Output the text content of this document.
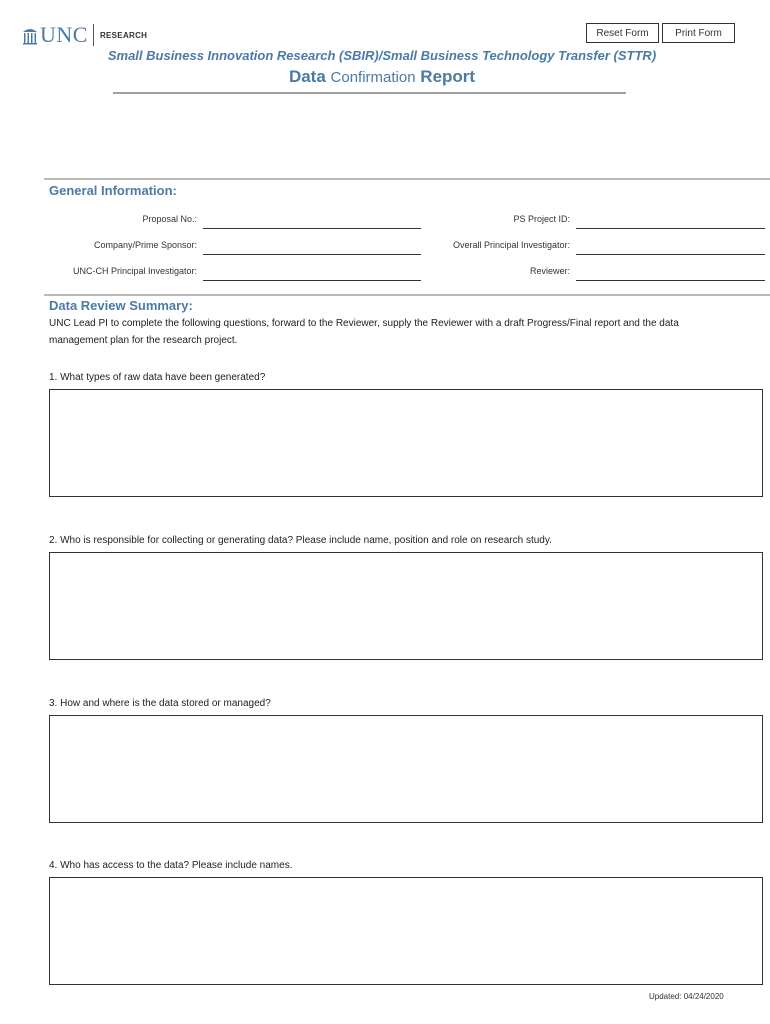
UNC RESEARCH	Reset Form	Print Form
Small Business Innovation Research (SBIR)/Small Business Technology Transfer (STTR)
Data Confirmation Report
General Information:
Proposal No.:	PS Project ID:
Company/Prime Sponsor:	Overall Principal Investigator:
UNC-CH Principal Investigator:	Reviewer:
Data Review Summary:
UNC Lead PI to complete the following questions, forward to the Reviewer, supply the Reviewer with a draft Progress/Final report and the data
management plan for the research project.
1. What types of raw data have been generated?
2. Who is responsible for collecting or generating data? Please include name, position and role on research study.
3. How and where is the data stored or managed?
4. Who has access to the data? Please include names.
Updated: 04/24/2020
